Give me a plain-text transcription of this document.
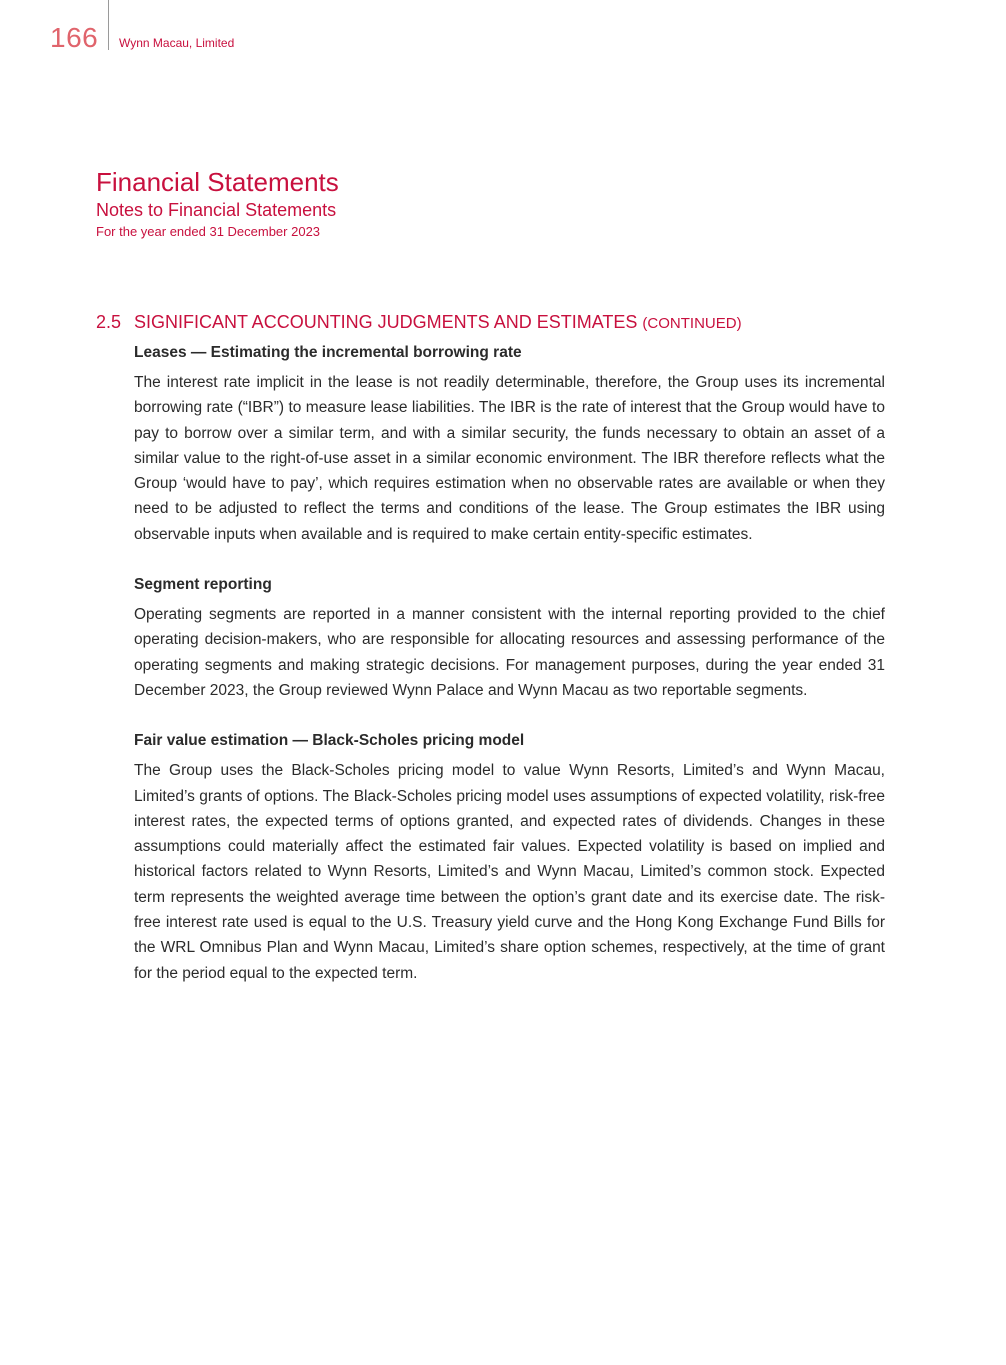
166 Wynn Macau, Limited
Financial Statements
Notes to Financial Statements
For the year ended 31 December 2023
2.5 SIGNIFICANT ACCOUNTING JUDGMENTS AND ESTIMATES (CONTINUED)
Leases — Estimating the incremental borrowing rate

The interest rate implicit in the lease is not readily determinable, therefore, the Group uses its incremental borrowing rate (“IBR”) to measure lease liabilities. The IBR is the rate of interest that the Group would have to pay to borrow over a similar term, and with a similar security, the funds necessary to obtain an asset of a similar value to the right-of-use asset in a similar economic environment. The IBR therefore reflects what the Group ‘would have to pay’, which requires estimation when no observable rates are available or when they need to be adjusted to reflect the terms and conditions of the lease. The Group estimates the IBR using observable inputs when available and is required to make certain entity-specific estimates.

Segment reporting

Operating segments are reported in a manner consistent with the internal reporting provided to the chief operating decision-makers, who are responsible for allocating resources and assessing performance of the operating segments and making strategic decisions. For management purposes, during the year ended 31 December 2023, the Group reviewed Wynn Palace and Wynn Macau as two reportable segments.

Fair value estimation — Black-Scholes pricing model

The Group uses the Black-Scholes pricing model to value Wynn Resorts, Limited’s and Wynn Macau, Limited’s grants of options. The Black-Scholes pricing model uses assumptions of expected volatility, risk-free interest rates, the expected terms of options granted, and expected rates of dividends. Changes in these assumptions could materially affect the estimated fair values. Expected volatility is based on implied and historical factors related to Wynn Resorts, Limited’s and Wynn Macau, Limited’s common stock. Expected term represents the weighted average time between the option’s grant date and its exercise date. The risk-free interest rate used is equal to the U.S. Treasury yield curve and the Hong Kong Exchange Fund Bills for the WRL Omnibus Plan and Wynn Macau, Limited’s share option schemes, respectively, at the time of grant for the period equal to the expected term.
